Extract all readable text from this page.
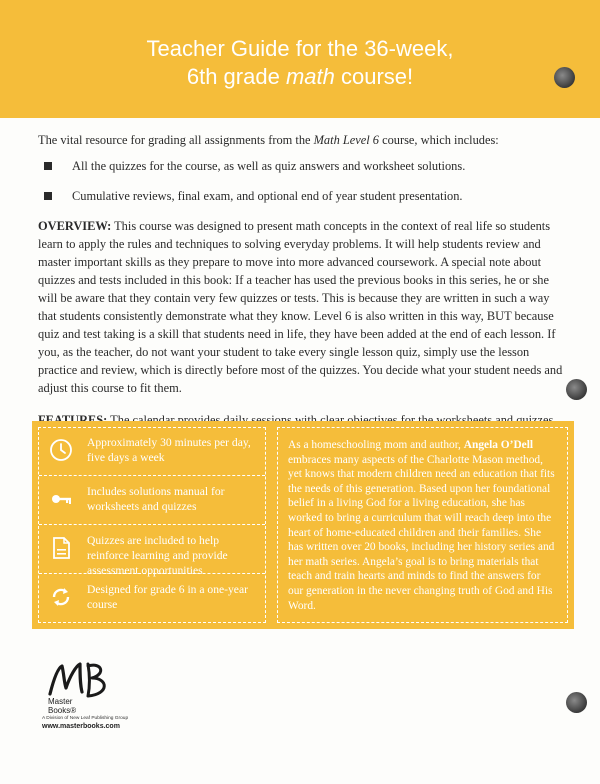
Teacher Guide for the 36-week,
6th grade math course!

The vital resource for grading all assignments from the Math Level 6 course, which includes:

All the quizzes for the course, as well as quiz answers and worksheet solutions.
Cumulative reviews, final exam, and optional end of year student presentation.

OVERVIEW: This course was designed to present math concepts in the context of real life so students learn to apply the rules and techniques to solving everyday problems. It will help students review and master important skills as they prepare to move into more advanced coursework. A special note about quizzes and tests included in this book: If a teacher has used the previous books in this series, he or she will be aware that they contain very few quizzes or tests. This is because they are written in such a way that students consistently demonstrate what they know. Level 6 is also written in this way, BUT because quiz and test taking is a skill that students need in life, they have been added at the end of each lesson. If you, as the teacher, do not want your student to take every single lesson quiz, simply use the lesson practice and review, which is directly before most of the quizzes. You decide what your student needs and adjust this course to fit them.

FEATURES: The calendar provides daily sessions with clear objectives for the worksheets and quizzes.

Approximately 30 minutes per day, five days a week
Includes solutions manual for worksheets and quizzes
Quizzes are included to help reinforce learning and provide assessment opportunities
Designed for grade 6 in a one-year course

As a homeschooling mom and author, Angela O’Dell embraces many aspects of the Charlotte Mason method, yet knows that modern children need an education that fits the needs of this generation. Based upon her foundational belief in a living God for a living education, she has worked to bring a curriculum that will reach deep into the heart of home-educated children and their families. She has written over 20 books, including her history series and her math series. Angela’s goal is to bring materials that teach and train hearts and minds to find the answers for our generation in the never changing truth of God and His Word.

Master
Books®
A Division of New Leaf Publishing Group
www.masterbooks.com
